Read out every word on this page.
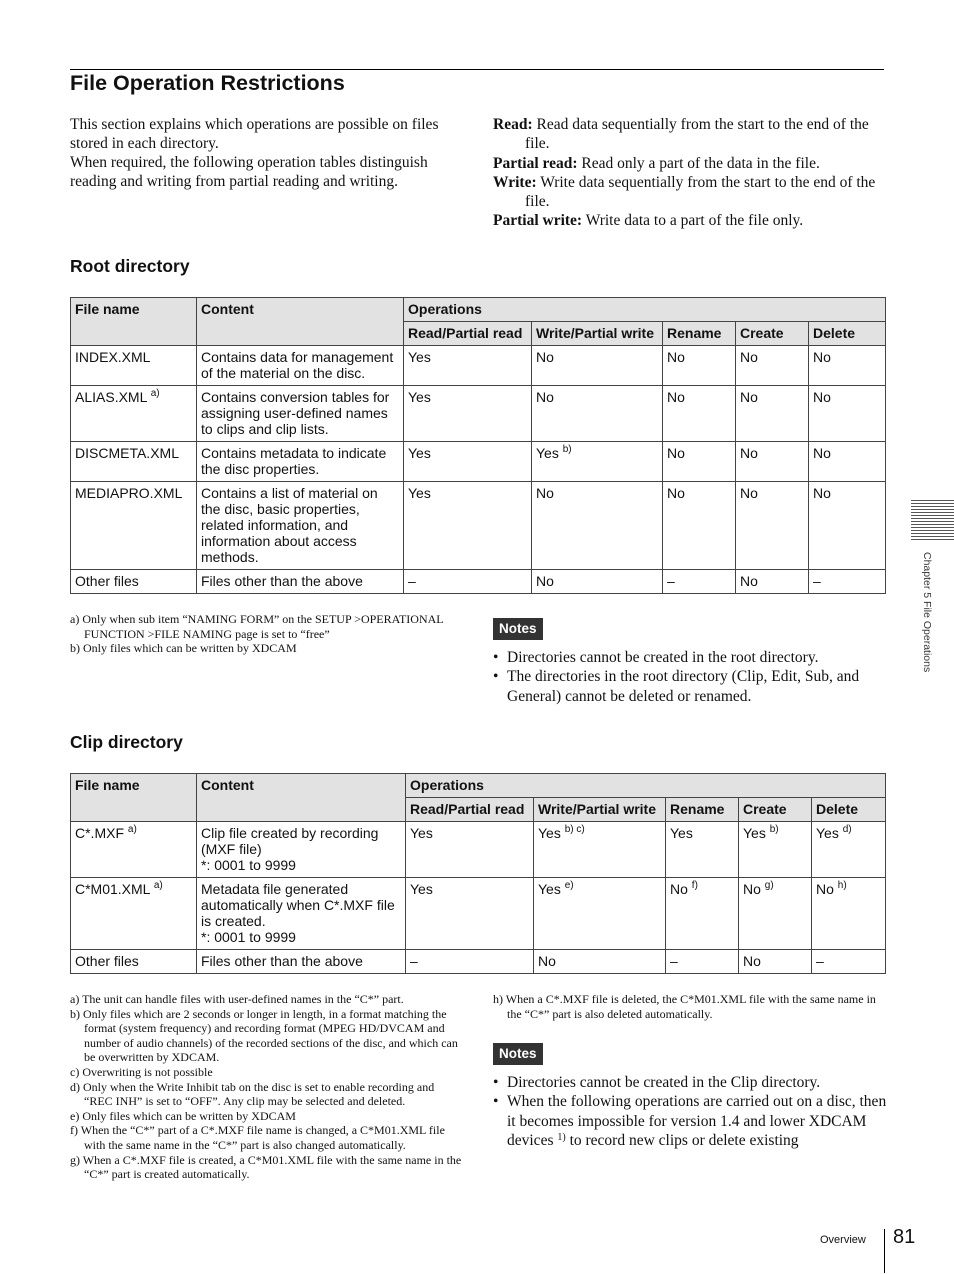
File Operation Restrictions

This section explains which operations are possible on files stored in each directory.

When required, the following operation tables distinguish reading and writing from partial reading and writing.

Read: Read data sequentially from the start to the end of the file.
Partial read: Read only a part of the data in the file.
Write: Write data sequentially from the start to the end of the file.
Partial write: Write data to a part of the file only.
Root directory
File name	Content	Operations				
		Read/Partial read	Write/Partial write	Rename	Create	Delete
INDEX.XML	Contains data for management of the material on the disc.	Yes	No	No	No	No
ALIAS.XML $^{a)}$	Contains conversion tables for assigning user-defined names to clips and clip lists.	Yes	No	No	No	No
DISCMETA.XML	Contains metadata to indicate the disc properties.	Yes	Yes $^{b)}$	No	No	No
MEDIAPRO.XML	Contains a list of material on the disc, basic properties, related information, and information about access methods.	Yes	No	No	No	No
Other files	Files other than the above	–	No	–	No	–
a) Only when sub item “NAMING FORM” on the SETUP >OPERATIONAL FUNCTION >FILE NAMING page is set to “free”
b) Only files which can be written by XDCAM
Notes
• Directories cannot be created in the root directory.
• The directories in the root directory (Clip, Edit, Sub, and General) cannot be deleted or renamed.
Clip directory
File name	Content	Operations				
		Read/Partial read	Write/Partial write	Rename	Create	Delete
C*.MXF $^{a)}$	Clip file created by recording (MXF file)
*: 0001 to 9999	Yes	Yes $^{b) c)}$	Yes	Yes $^{b)}$	Yes $^{d)}$
C*M01.XML $^{a)}$	Metadata file generated automatically when C*.MXF file is created.
*: 0001 to 9999	Yes	Yes $^{e)}$	No $^{f)}$	No $^{g)}$	No $^{h)}$
Other files	Files other than the above	–	No	–	No	–
a) The unit can handle files with user-defined names in the “C*” part.
b) Only files which are 2 seconds or longer in length, in a format matching the format (system frequency) and recording format (MPEG HD/DVCAM and number of audio channels) of the recorded sections of the disc, and which can be overwritten by XDCAM.
c) Overwriting is not possible
d) Only when the Write Inhibit tab on the disc is set to enable recording and “REC INH” is set to “OFF”. Any clip may be selected and deleted.
e) Only files which can be written by XDCAM
f) When the “C*” part of a C*.MXF file name is changed, a C*M01.XML file with the same name in the “C*” part is also changed automatically.
g) When a C*.MXF file is created, a C*M01.XML file with the same name in the “C*” part is created automatically.
h) When a C*.MXF file is deleted, the C*M01.XML file with the same name in the “C*” part is also deleted automatically.
Notes
• Directories cannot be created in the Clip directory.
• When the following operations are carried out on a disc, then it becomes impossible for version 1.4 and lower XDCAM devices $^{1)}$ to record new clips or delete existing
Chapter 5 File Operations
Overview 81
